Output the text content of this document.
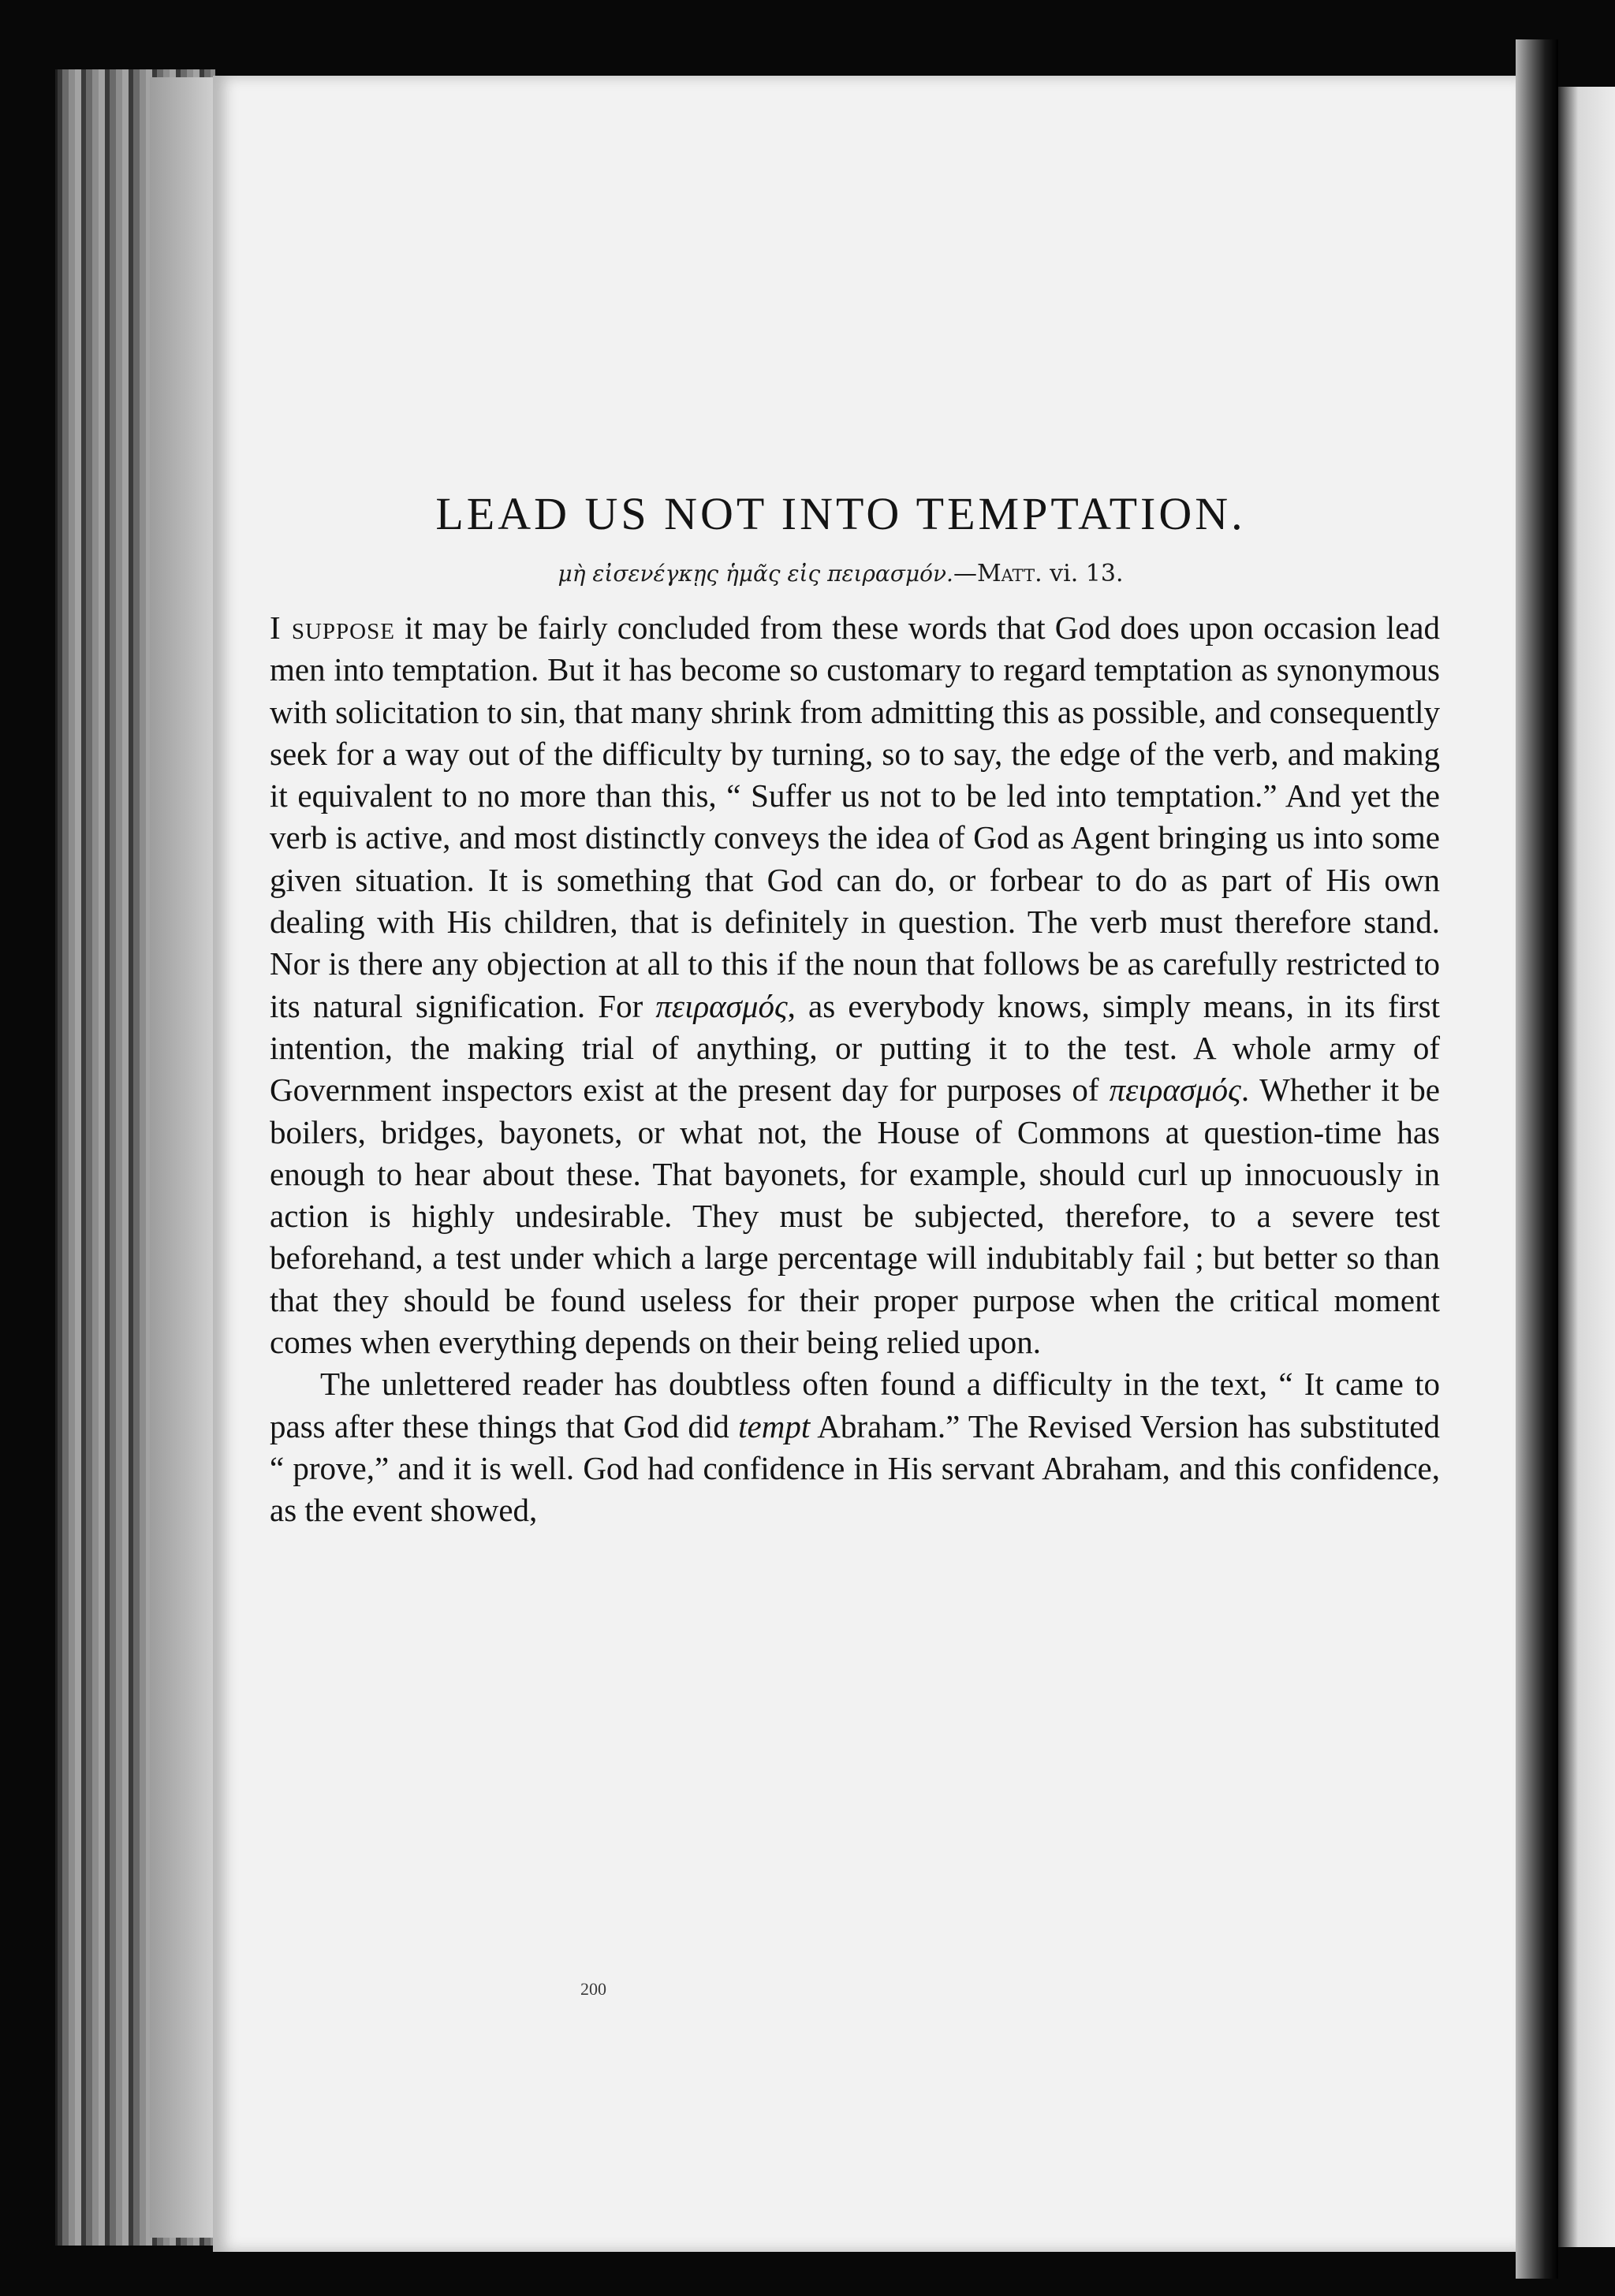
LEAD US NOT INTO TEMPTATION.
μὴ εἰσενέγκῃς ἡμᾶς εἰς πειρασμόν.—Matt. vi. 13.

I suppose it may be fairly concluded from these words that God does upon occasion lead men into temptation. But it has become so customary to regard temptation as synonymous with solicitation to sin, that many shrink from admitting this as possible, and consequently seek for a way out of the difficulty by turning, so to say, the edge of the verb, and making it equivalent to no more than this, “ Suffer us not to be led into temptation.” And yet the verb is active, and most distinctly conveys the idea of God as Agent bringing us into some given situation. It is something that God can do, or forbear to do as part of His own dealing with His children, that is definitely in question. The verb must therefore stand. Nor is there any objection at all to this if the noun that follows be as carefully restricted to its natural signification. For πειρασμός, as everybody knows, simply means, in its first intention, the making trial of anything, or putting it to the test. A whole army of Government inspectors exist at the present day for purposes of πειρασμός. Whether it be boilers, bridges, bayonets, or what not, the House of Commons at question-time has enough to hear about these. That bayonets, for example, should curl up innocuously in action is highly undesirable. They must be subjected, therefore, to a severe test beforehand, a test under which a large percentage will indubitably fail ; but better so than that they should be found useless for their proper purpose when the critical moment comes when everything depends on their being relied upon.

The unlettered reader has doubtless often found a difficulty in the text, “ It came to pass after these things that God did tempt Abraham.” The Revised Version has substituted “ prove,” and it is well. God had confidence in His servant Abraham, and this confidence, as the event showed,

200
